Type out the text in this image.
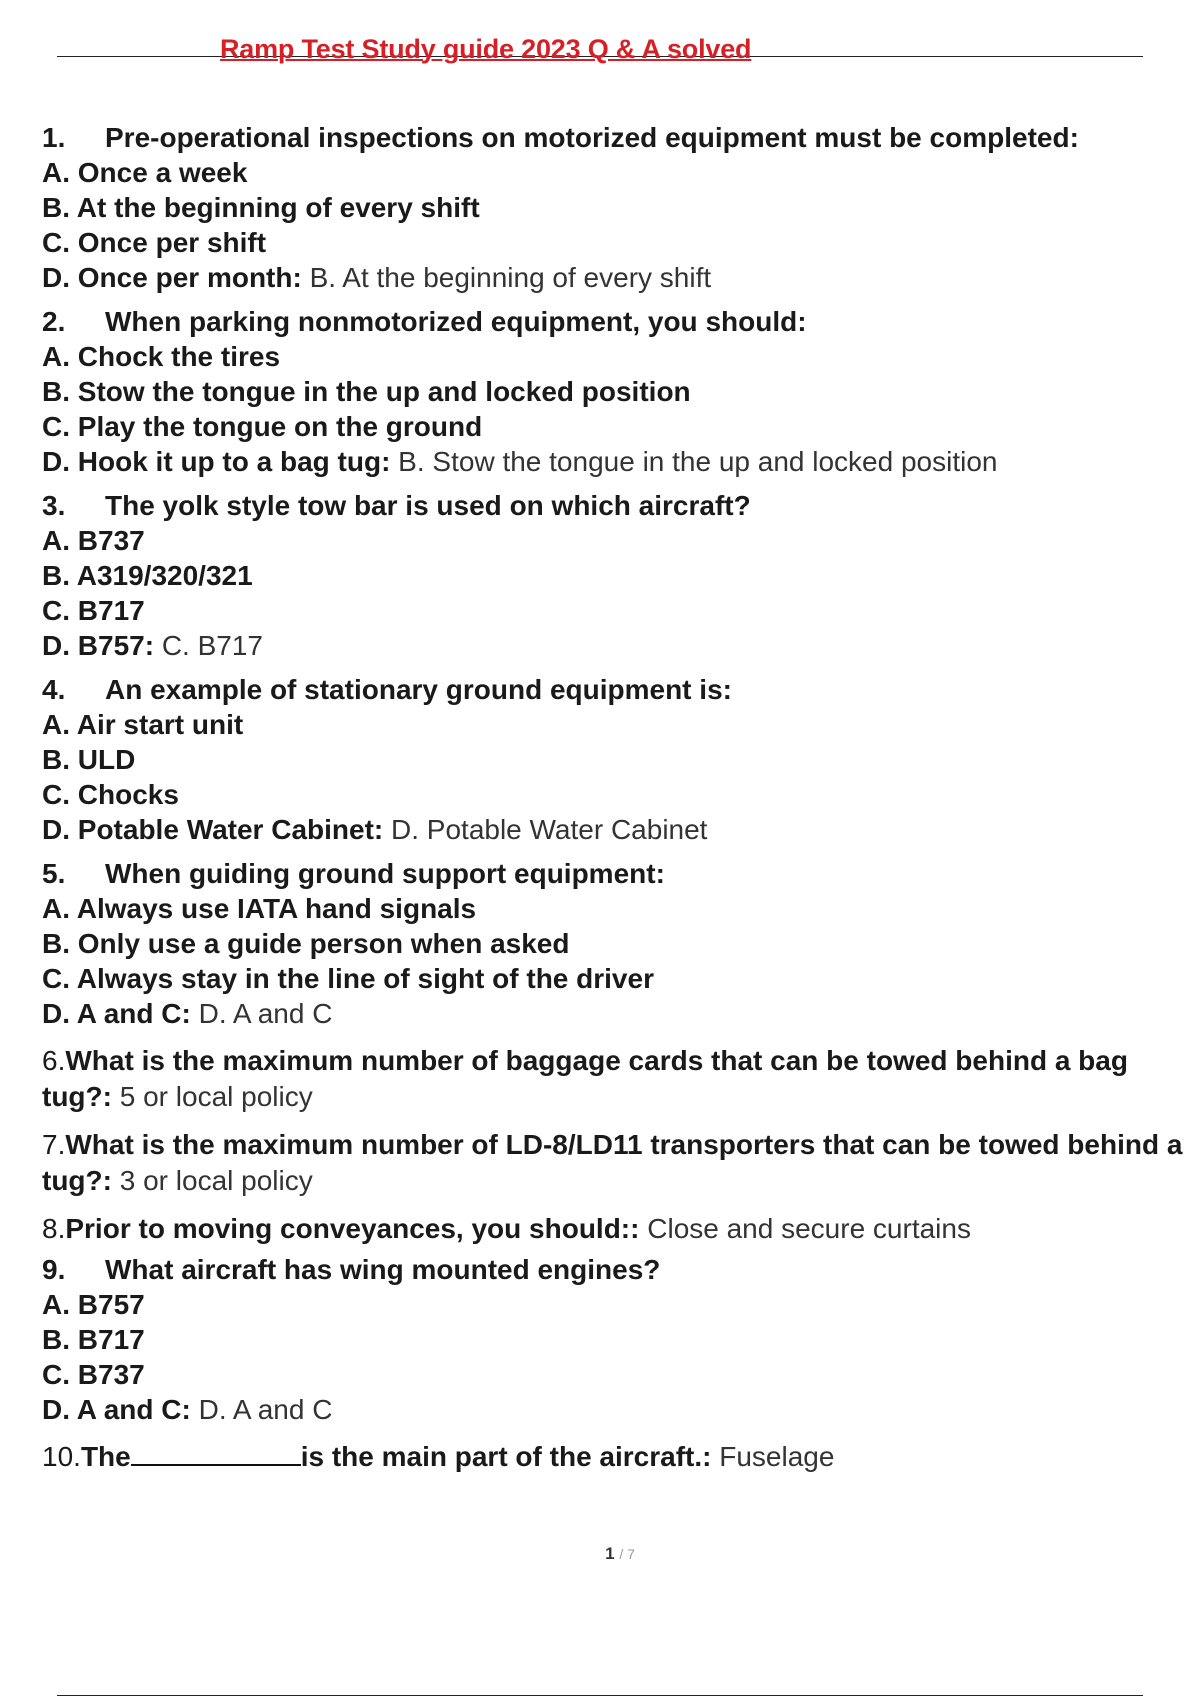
Ramp Test Study guide 2023 Q & A solved
1. Pre-operational inspections on motorized equipment must be completed:
A. Once a week
B. At the beginning of every shift
C. Once per shift
D. Once per month: B. At the beginning of every shift
2. When parking nonmotorized equipment, you should:
A. Chock the tires
B. Stow the tongue in the up and locked position
C. Play the tongue on the ground
D. Hook it up to a bag tug: B. Stow the tongue in the up and locked position
3. The yolk style tow bar is used on which aircraft?
A. B737
B. A319/320/321
C. B717
D. B757: C. B717
4. An example of stationary ground equipment is:
A. Air start unit
B. ULD
C. Chocks
D. Potable Water Cabinet: D. Potable Water Cabinet
5. When guiding ground support equipment:
A. Always use IATA hand signals
B. Only use a guide person when asked
C. Always stay in the line of sight of the driver
D. A and C: D. A and C
6.What is the maximum number of baggage cards that can be towed behind a bag tug?: 5 or local policy
7.What is the maximum number of LD-8/LD11 transporters that can be towed behind a tug?: 3 or local policy
8.Prior to moving conveyances, you should:: Close and secure curtains
9. What aircraft has wing mounted engines?
A. B757
B. B717
C. B737
D. A and C: D. A and C
10.The	is the main part of the aircraft.: Fuselage
1 / 7
